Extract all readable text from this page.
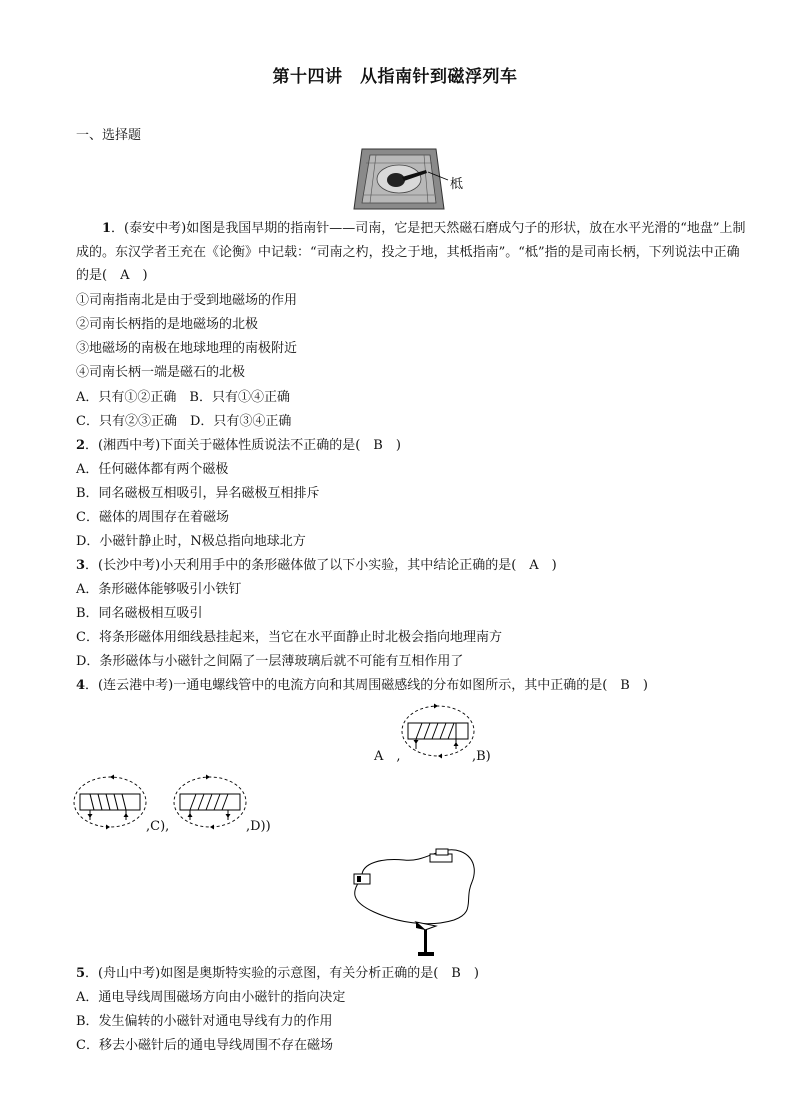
第十四讲　从指南针到磁浮列车
一、选择题
柢
1．(泰安中考)如图是我国早期的指南针——司南，它是把天然磁石磨成勺子的形状，放在水平光滑的“地盘”上制成的。东汉学者王充在《论衡》中记载：“司南之杓，投之于地，其柢指南”。“柢”指的是司南长柄，下列说法中正确的是(　A　)
①司南指南北是由于受到地磁场的作用
②司南长柄指的是地磁场的北极
③地磁场的南极在地球地理的南极附近
④司南长柄一端是磁石的北极
A．只有①②正确　B．只有①④正确
C．只有②③正确　D．只有③④正确
2．(湘西中考)下面关于磁体性质说法不正确的是(　B　)
A．任何磁体都有两个磁极
B．同名磁极互相吸引，异名磁极互相排斥
C．磁体的周围存在着磁场
D．小磁针静止时，N极总指向地球北方
3．(长沙中考)小天利用手中的条形磁体做了以下小实验，其中结论正确的是(　A　)
A．条形磁体能够吸引小铁钉
B．同名磁极相互吸引
C．将条形磁体用细线悬挂起来，当它在水平面静止时北极会指向地理南方
D．条形磁体与小磁针之间隔了一层薄玻璃后就不可能有互相作用了
4．(连云港中考)一通电螺线管中的电流方向和其周围磁感线的分布如图所示，其中正确的是(　B　)
A　,	,B)
,C),	,D))
5．(舟山中考)如图是奥斯特实验的示意图，有关分析正确的是(　B　)
A．通电导线周围磁场方向由小磁针的指向决定
B．发生偏转的小磁针对通电导线有力的作用
C．移去小磁针后的通电导线周围不存在磁场
